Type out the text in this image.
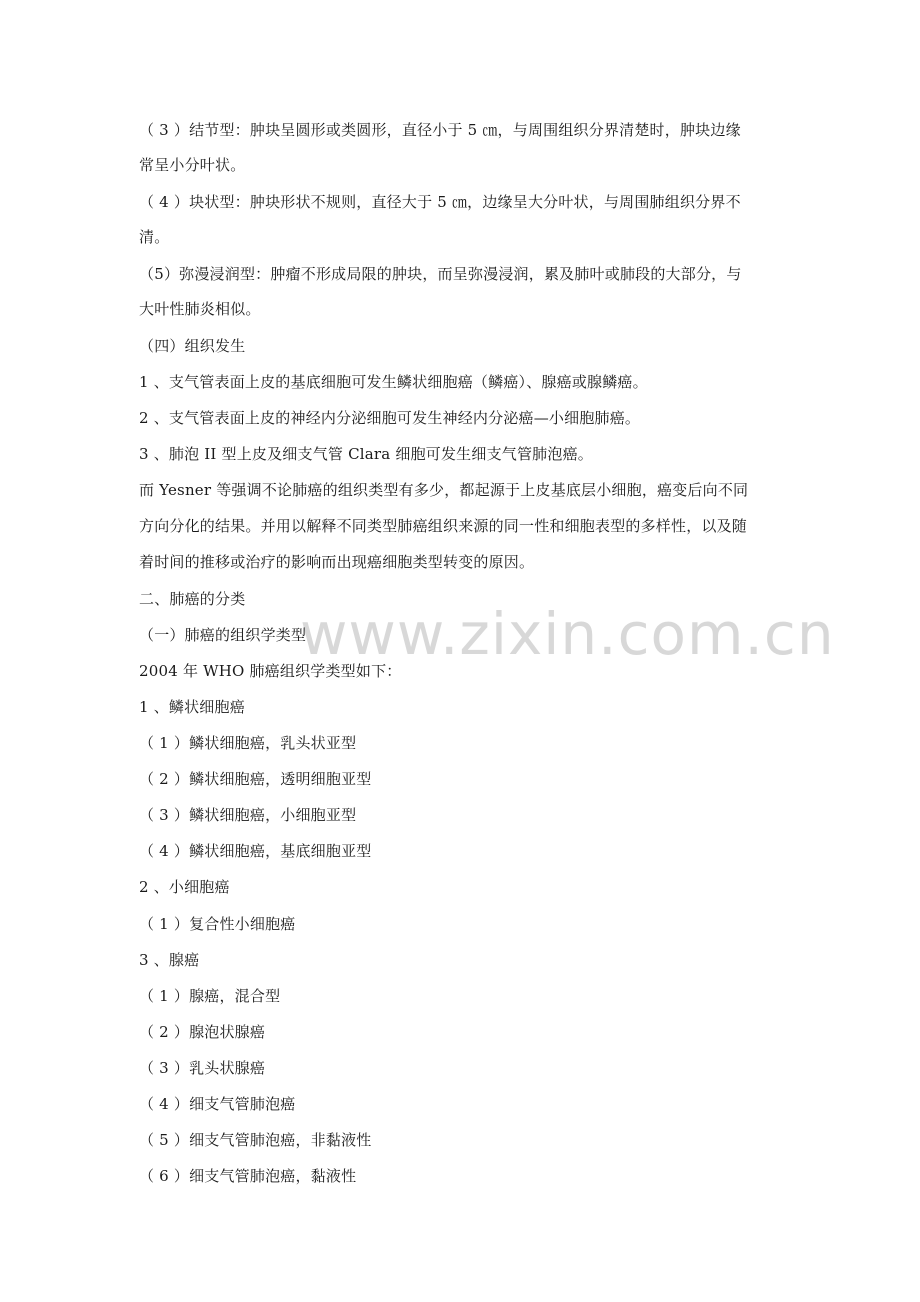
www.zixin.com.cn
（ 3 ）结节型：肿块呈圆形或类圆形，直径小于 5 ㎝，与周围组织分界清楚时，肿块边缘
常呈小分叶状。
（ 4 ）块状型：肿块形状不规则，直径大于 5 ㎝，边缘呈大分叶状，与周围肺组织分界不
清。
（5）弥漫浸润型：肿瘤不形成局限的肿块，而呈弥漫浸润，累及肺叶或肺段的大部分，与
大叶性肺炎相似。
（四）组织发生
1 、支气管表面上皮的基底细胞可发生鳞状细胞癌（鳞癌）、腺癌或腺鳞癌。
2 、支气管表面上皮的神经内分泌细胞可发生神经内分泌癌—小细胞肺癌。
3 、肺泡 II 型上皮及细支气管 Clara 细胞可发生细支气管肺泡癌。
而 Yesner 等强调不论肺癌的组织类型有多少，都起源于上皮基底层小细胞，癌变后向不同
方向分化的结果。并用以解释不同类型肺癌组织来源的同一性和细胞表型的多样性，以及随
着时间的推移或治疗的影响而出现癌细胞类型转变的原因。
二、肺癌的分类
（一）肺癌的组织学类型
2004 年 WHO 肺癌组织学类型如下：
1 、鳞状细胞癌
（ 1 ）鳞状细胞癌，乳头状亚型
（ 2 ）鳞状细胞癌，透明细胞亚型
（ 3 ）鳞状细胞癌，小细胞亚型
（ 4 ）鳞状细胞癌，基底细胞亚型
2 、小细胞癌
（ 1 ）复合性小细胞癌
3 、腺癌
（ 1 ）腺癌，混合型
（ 2 ）腺泡状腺癌
（ 3 ）乳头状腺癌
（ 4 ）细支气管肺泡癌
（ 5 ）细支气管肺泡癌，非黏液性
（ 6 ）细支气管肺泡癌，黏液性
